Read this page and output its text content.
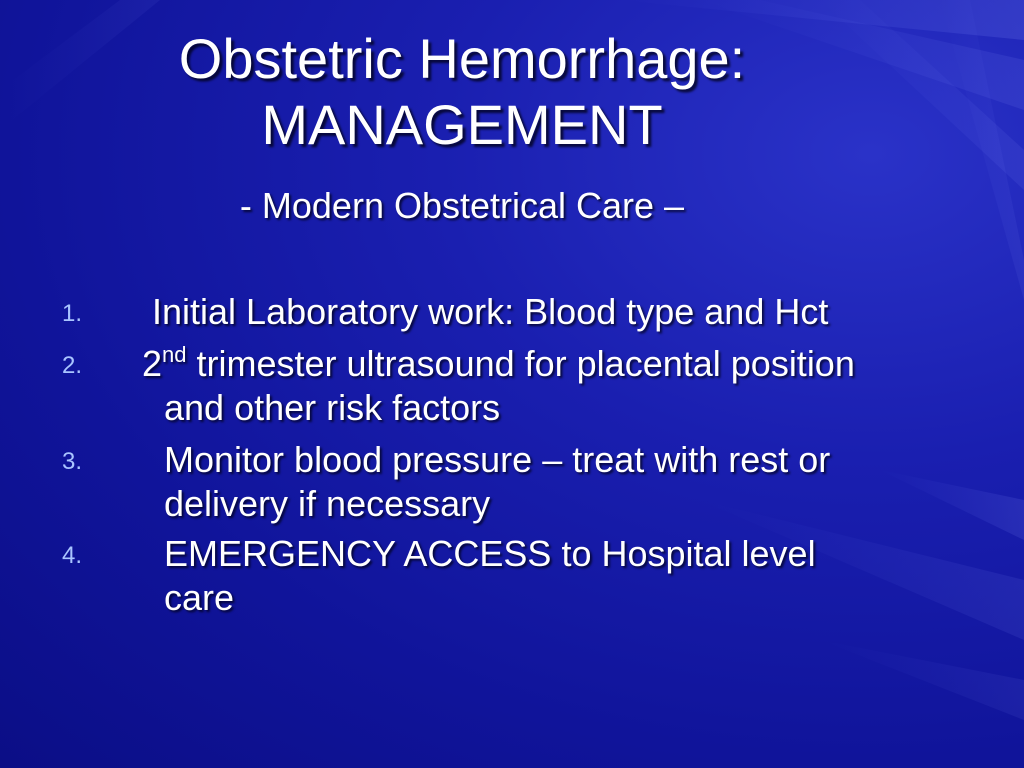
Obstetric Hemorrhage:
MANAGEMENT
- Modern Obstetrical Care –
1. Initial Laboratory work: Blood type and Hct
2. 2nd trimester ultrasound for placental position
and other risk factors
3. Monitor blood pressure – treat with rest or
delivery if necessary
4. EMERGENCY ACCESS to Hospital level
care
